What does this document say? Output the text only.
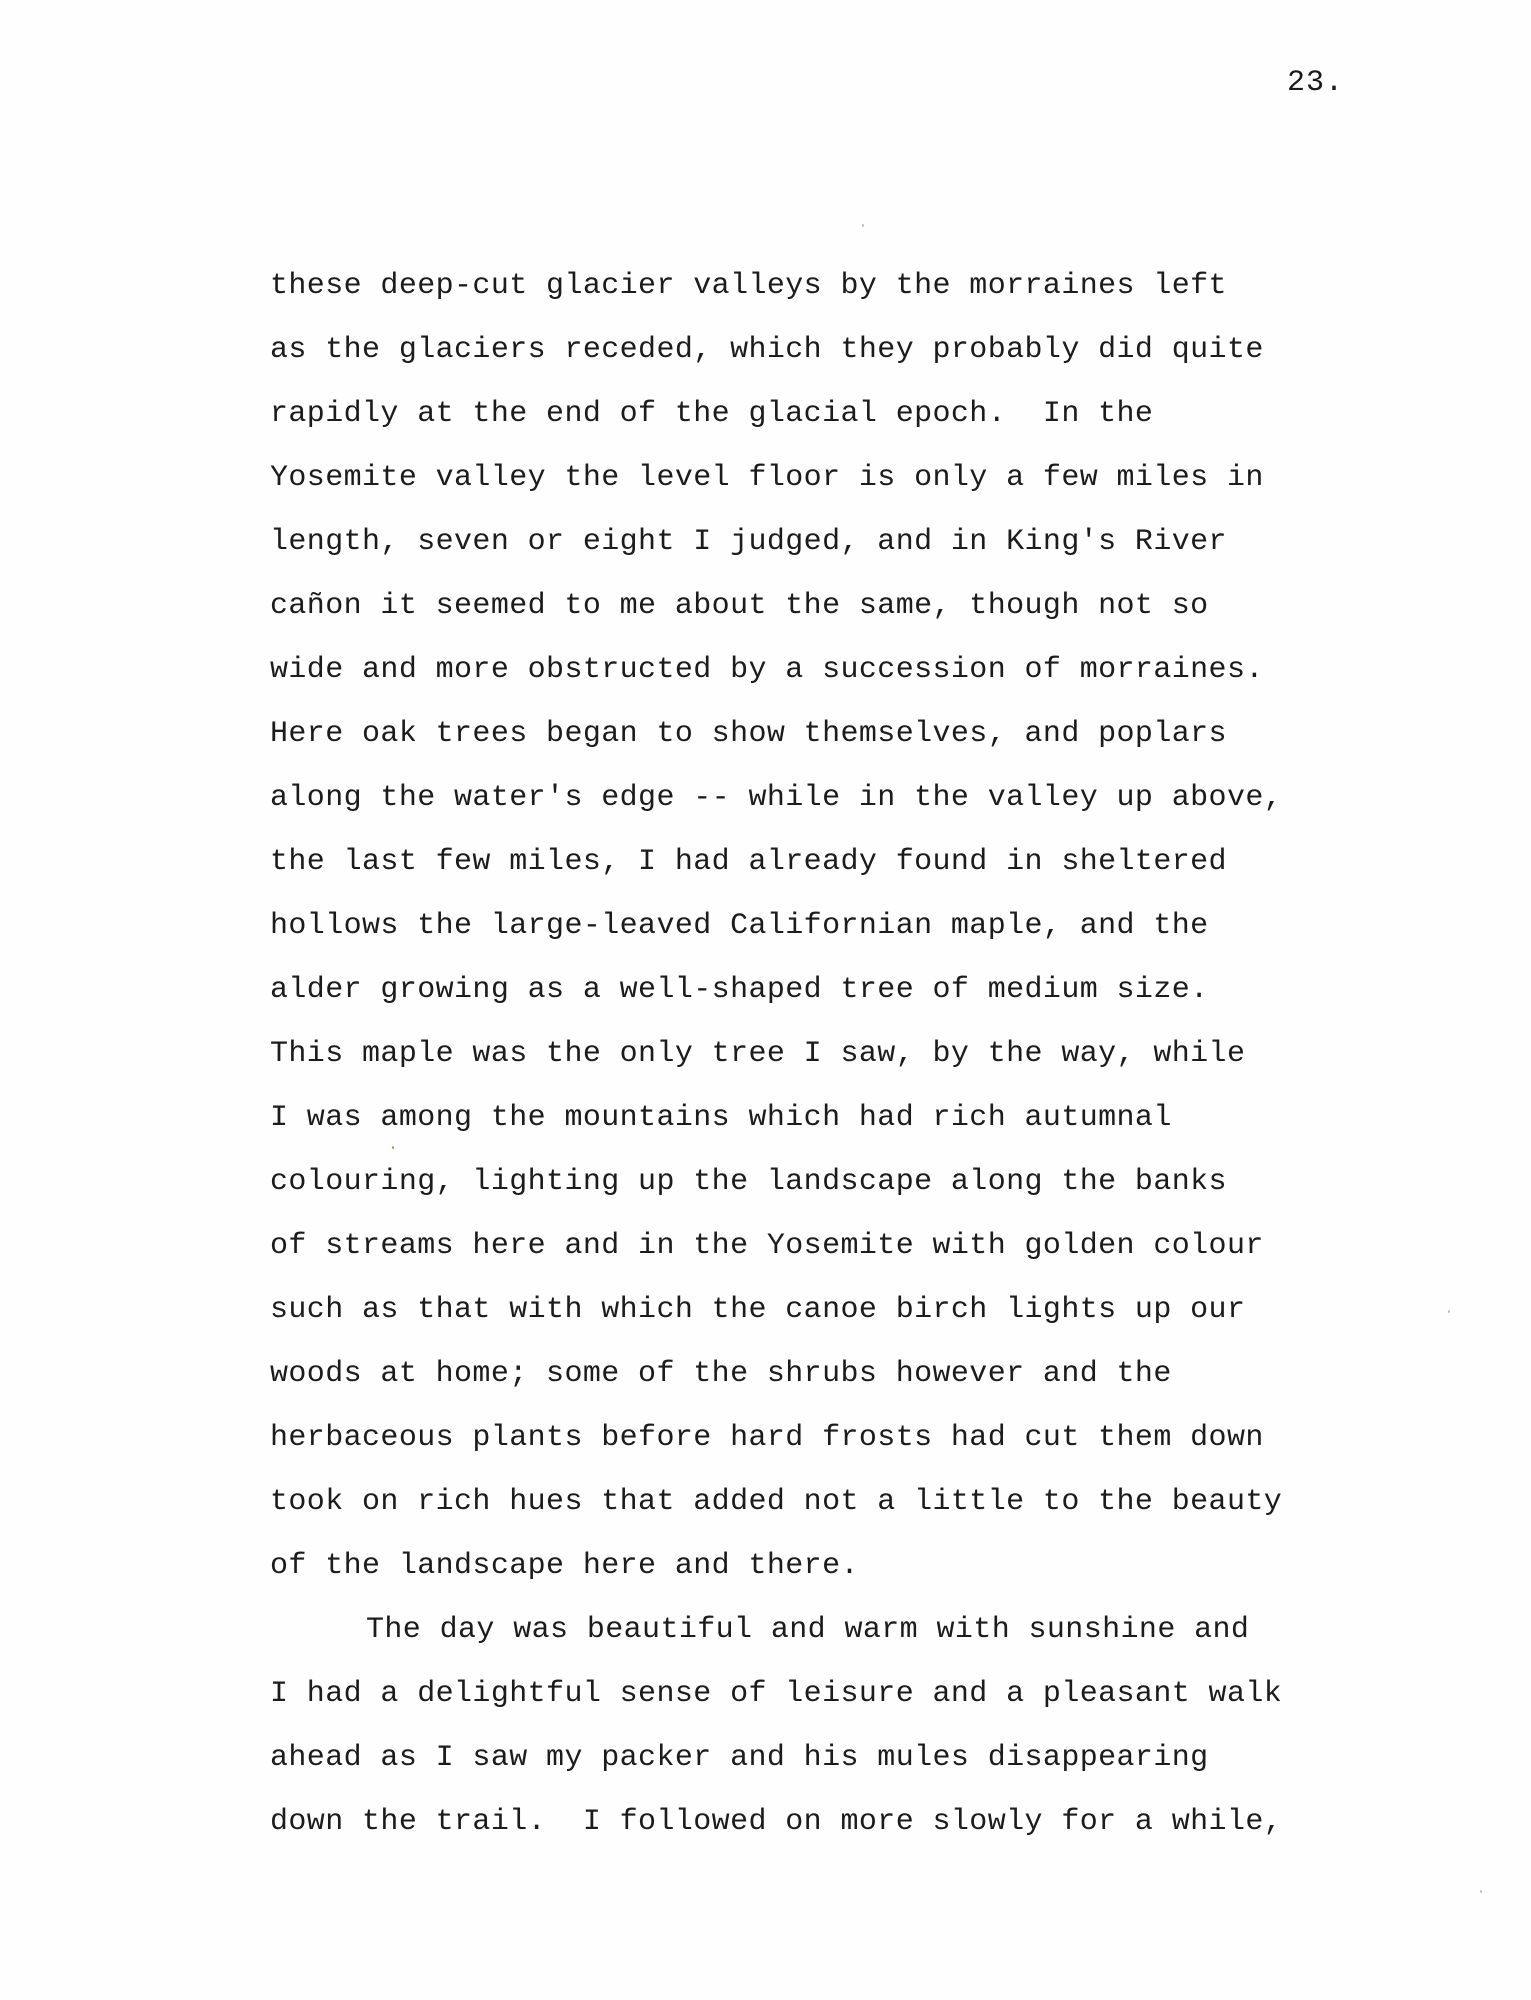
23.
these deep-cut glacier valleys by the morraines left
as the glaciers receded, which they probably did quite
rapidly at the end of the glacial epoch.  In the
Yosemite valley the level floor is only a few miles in
length, seven or eight I judged, and in King's River
cañon it seemed to me about the same, though not so
wide and more obstructed by a succession of morraines.
Here oak trees began to show themselves, and poplars
along the water's edge -- while in the valley up above,
the last few miles, I had already found in sheltered
hollows the large-leaved Californian maple, and the
alder growing as a well-shaped tree of medium size.
This maple was the only tree I saw, by the way, while
I was among the mountains which had rich autumnal
colouring, lighting up the landscape along the banks
of streams here and in the Yosemite with golden colour
such as that with which the canoe birch lights up our
woods at home; some of the shrubs however and the
herbaceous plants before hard frosts had cut them down
took on rich hues that added not a little to the beauty
of the landscape here and there.
The day was beautiful and warm with sunshine and
I had a delightful sense of leisure and a pleasant walk
ahead as I saw my packer and his mules disappearing
down the trail.  I followed on more slowly for a while,
